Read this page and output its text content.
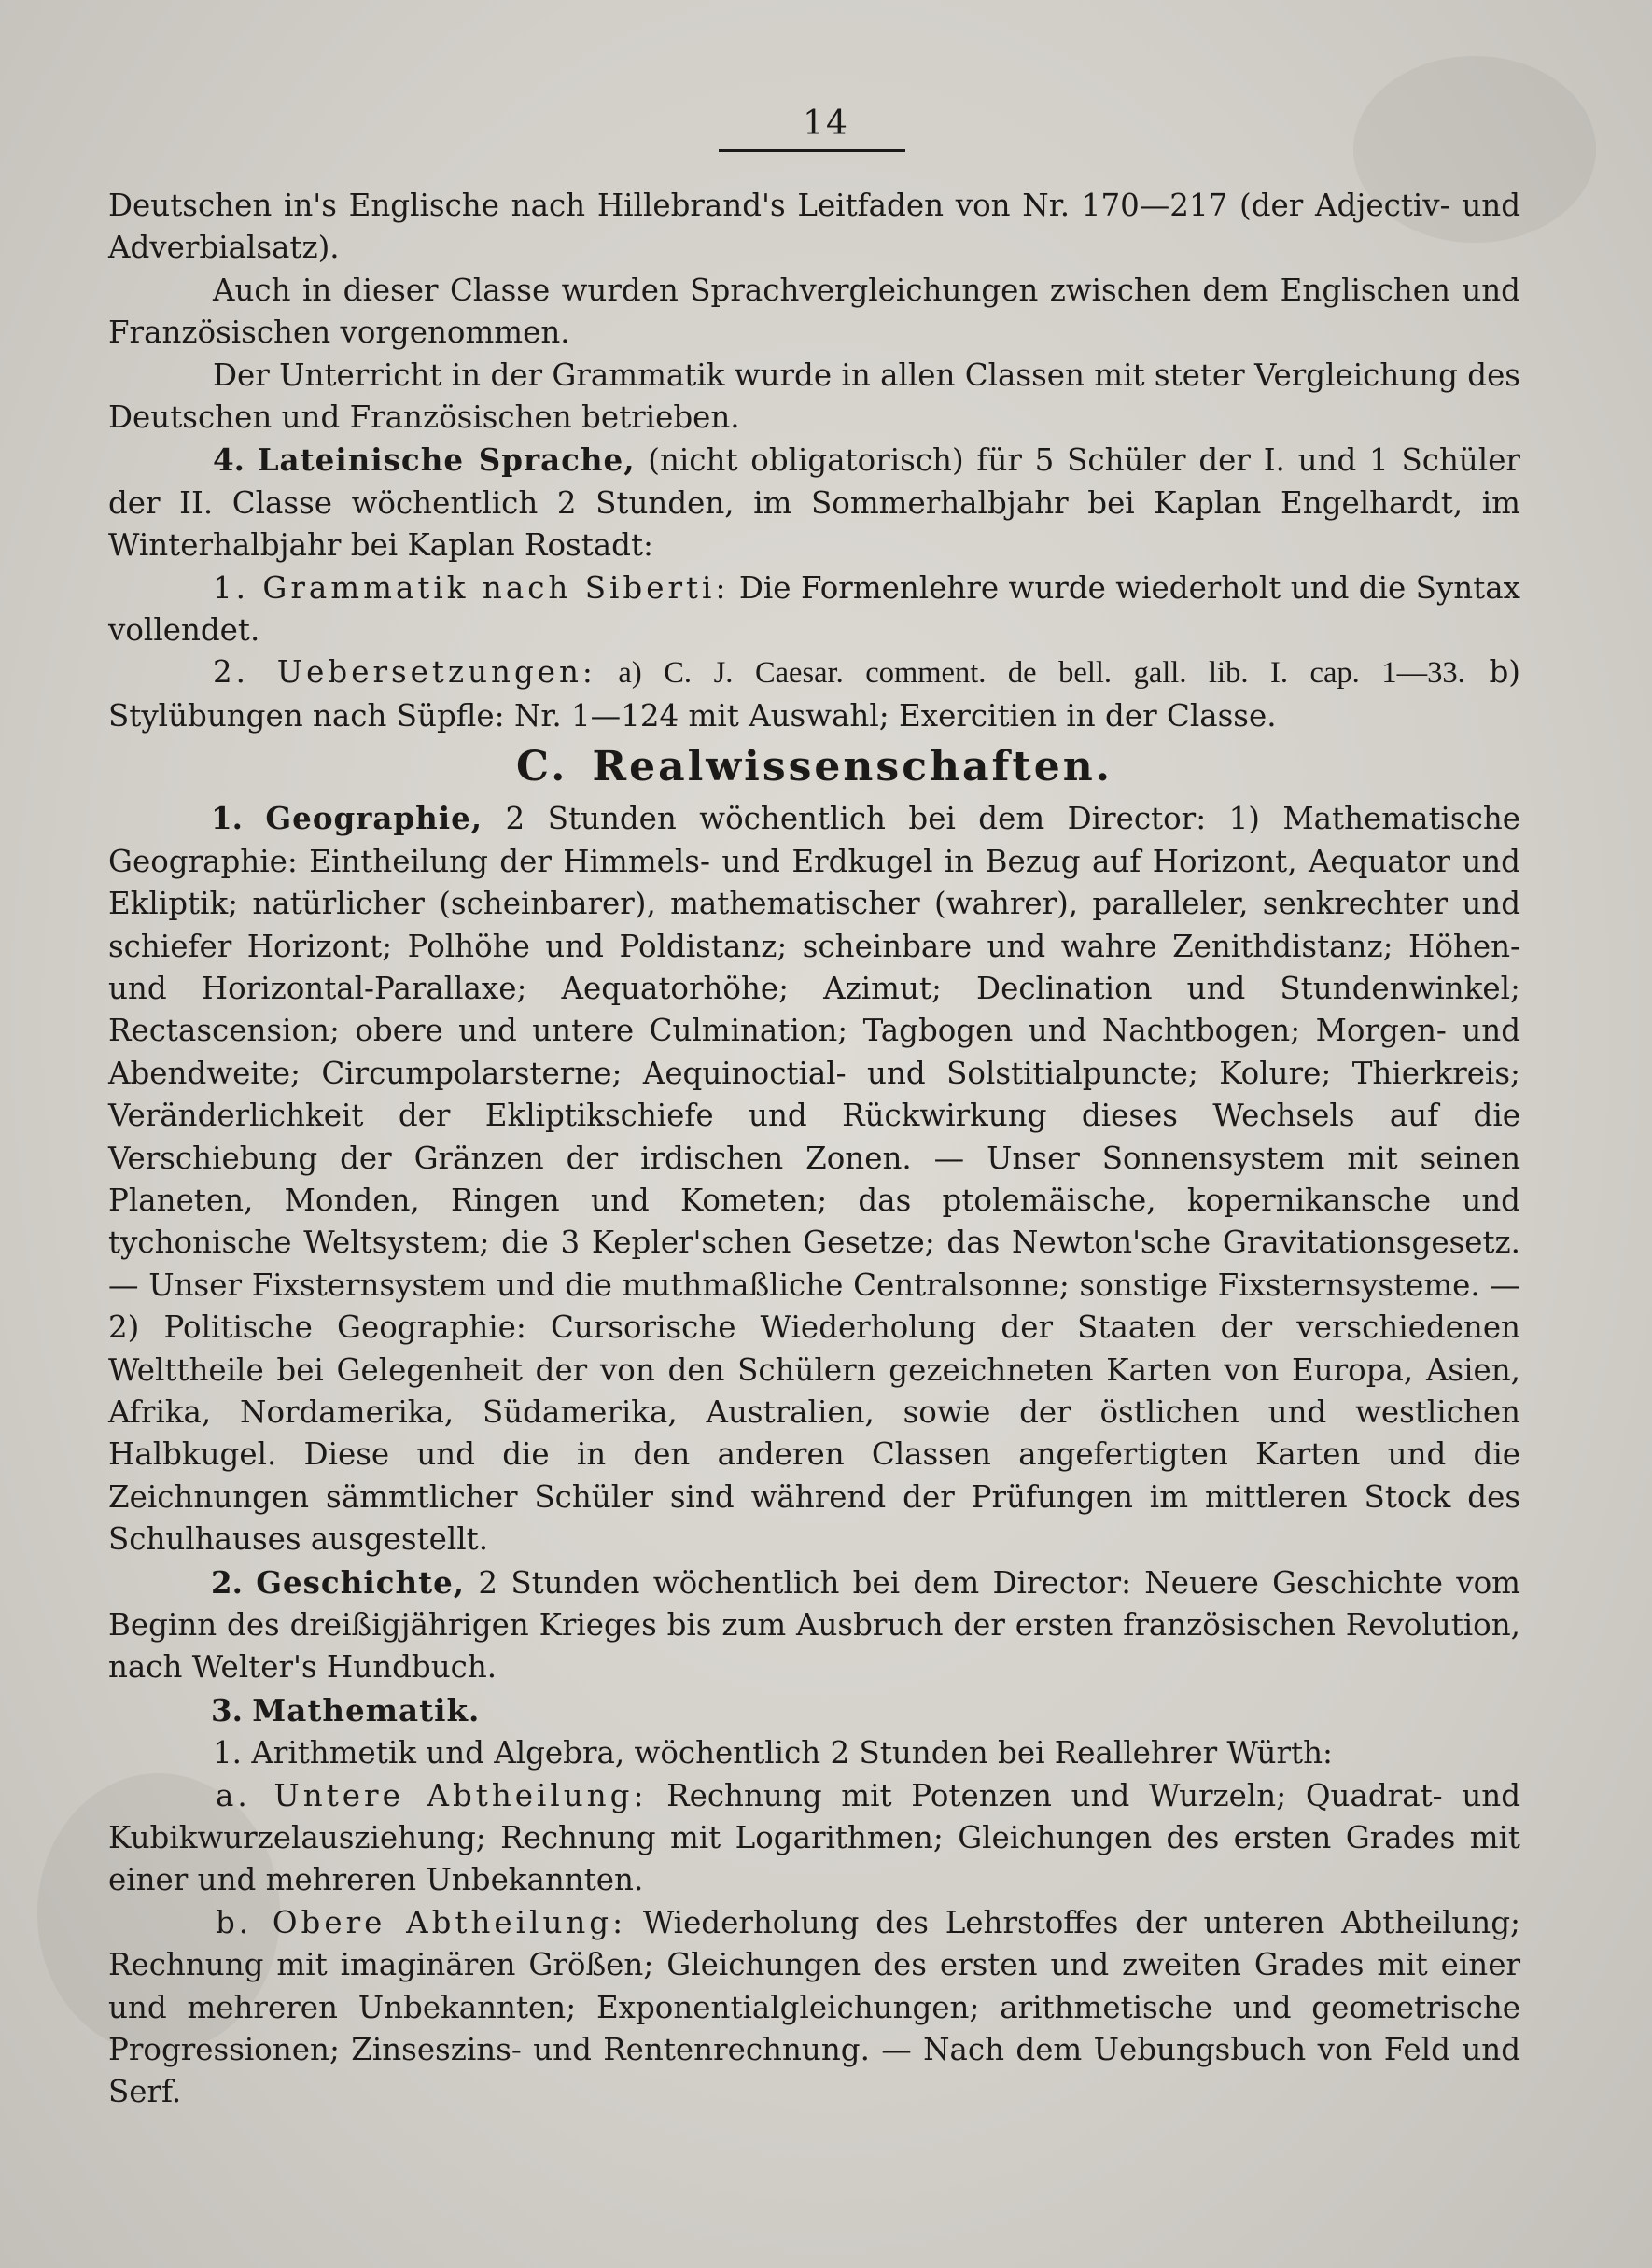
14

Deutschen in's Englische nach Hillebrand's Leitfaden von Nr. 170—217 (der Adjectiv- und Adverbialsatz).

Auch in dieser Classe wurden Sprachvergleichungen zwischen dem Englischen und Französischen vorgenommen.

Der Unterricht in der Grammatik wurde in allen Classen mit steter Vergleichung des Deutschen und Französischen betrieben.

4. Lateinische Sprache, (nicht obligatorisch) für 5 Schüler der I. und 1 Schüler der II. Classe wöchentlich 2 Stunden, im Sommerhalbjahr bei Kaplan Engelhardt, im Winterhalbjahr bei Kaplan Rostadt:

1. Grammatik nach Siberti: Die Formenlehre wurde wiederholt und die Syntax vollendet.

2. Uebersetzungen: a) C. J. Caesar. comment. de bell. gall. lib. I. cap. 1—33. b) Stylübungen nach Süpfle: Nr. 1—124 mit Auswahl; Exercitien in der Classe.

C. Realwissenschaften.

1. Geographie, 2 Stunden wöchentlich bei dem Director: 1) Mathematische Geographie: Eintheilung der Himmels- und Erdkugel in Bezug auf Horizont, Aequator und Ekliptik; natürlicher (scheinbarer), mathematischer (wahrer), paralleler, senkrechter und schiefer Horizont; Polhöhe und Poldistanz; scheinbare und wahre Zenithdistanz; Höhen- und Horizontal-Parallaxe; Aequatorhöhe; Azimut; Declination und Stundenwinkel; Rectascension; obere und untere Culmination; Tagbogen und Nachtbogen; Morgen- und Abendweite; Circumpolarsterne; Aequinoctial- und Solstitialpuncte; Kolure; Thierkreis; Veränderlichkeit der Ekliptikschiefe und Rückwirkung dieses Wechsels auf die Verschiebung der Gränzen der irdischen Zonen. — Unser Sonnensystem mit seinen Planeten, Monden, Ringen und Kometen; das ptolemäische, kopernikansche und tychonische Weltsystem; die 3 Kepler'schen Gesetze; das Newton'sche Gravitationsgesetz. — Unser Fixsternsystem und die muthmaßliche Centralsonne; sonstige Fixsternsysteme. — 2) Politische Geographie: Cursorische Wiederholung der Staaten der verschiedenen Welttheile bei Gelegenheit der von den Schülern gezeichneten Karten von Europa, Asien, Afrika, Nordamerika, Südamerika, Australien, sowie der östlichen und westlichen Halbkugel. Diese und die in den anderen Classen angefertigten Karten und die Zeichnungen sämmtlicher Schüler sind während der Prüfungen im mittleren Stock des Schulhauses ausgestellt.

2. Geschichte, 2 Stunden wöchentlich bei dem Director: Neuere Geschichte vom Beginn des dreißigjährigen Krieges bis zum Ausbruch der ersten französischen Revolution, nach Welter's Hundbuch.

3. Mathematik.

1. Arithmetik und Algebra, wöchentlich 2 Stunden bei Reallehrer Würth:

a. Untere Abtheilung: Rechnung mit Potenzen und Wurzeln; Quadrat- und Kubikwurzelausziehung; Rechnung mit Logarithmen; Gleichungen des ersten Grades mit einer und mehreren Unbekannten.

b. Obere Abtheilung: Wiederholung des Lehrstoffes der unteren Abtheilung; Rechnung mit imaginären Größen; Gleichungen des ersten und zweiten Grades mit einer und mehreren Unbekannten; Exponentialgleichungen; arithmetische und geometrische Progressionen; Zinseszins- und Rentenrechnung. — Nach dem Uebungsbuch von Feld und Serf.
